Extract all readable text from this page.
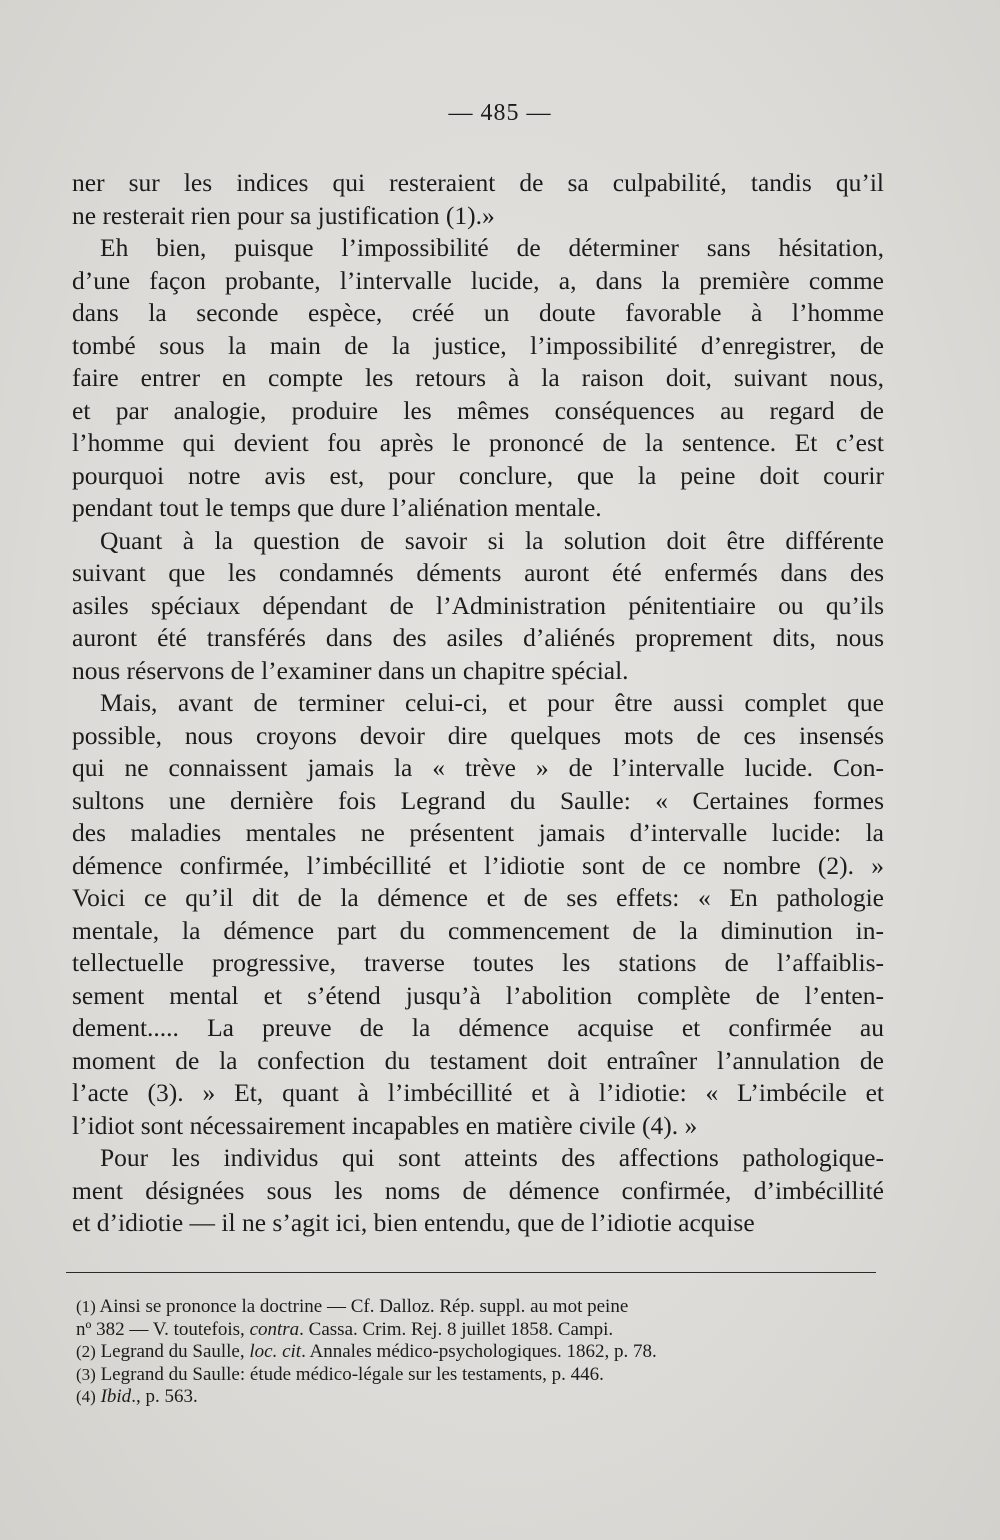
— 485 —

ner sur les indices qui resteraient de sa culpabilité, tandis qu’il
ne resterait rien pour sa justification (1).»

Eh bien, puisque l’impossibilité de déterminer sans hésitation,
d’une façon probante, l’intervalle lucide, a, dans la première comme
dans la seconde espèce, créé un doute favorable à l’homme
tombé sous la main de la justice, l’impossibilité d’enregistrer, de
faire entrer en compte les retours à la raison doit, suivant nous,
et par analogie, produire les mêmes conséquences au regard de
l’homme qui devient fou après le prononcé de la sentence. Et c’est
pourquoi notre avis est, pour conclure, que la peine doit courir
pendant tout le temps que dure l’aliénation mentale.

Quant à la question de savoir si la solution doit être différente
suivant que les condamnés déments auront été enfermés dans des
asiles spéciaux dépendant de l’Administration pénitentiaire ou qu’ils
auront été transférés dans des asiles d’aliénés proprement dits, nous
nous réservons de l’examiner dans un chapitre spécial.

Mais, avant de terminer celui-ci, et pour être aussi complet que
possible, nous croyons devoir dire quelques mots de ces insensés
qui ne connaissent jamais la « trève » de l’intervalle lucide. Con-
sultons une dernière fois Legrand du Saulle: « Certaines formes
des maladies mentales ne présentent jamais d’intervalle lucide: la
démence confirmée, l’imbécillité et l’idiotie sont de ce nombre (2). »
Voici ce qu’il dit de la démence et de ses effets: « En pathologie
mentale, la démence part du commencement de la diminution in-
tellectuelle progressive, traverse toutes les stations de l’affaiblis-
sement mental et s’étend jusqu’à l’abolition complète de l’enten-
dement..... La preuve de la démence acquise et confirmée au
moment de la confection du testament doit entraîner l’annulation de
l’acte (3). » Et, quant à l’imbécillité et à l’idiotie: « L’imbécile et
l’idiot sont nécessairement incapables en matière civile (4). »

Pour les individus qui sont atteints des affections pathologique-
ment désignées sous les noms de démence confirmée, d’imbécillité
et d’idiotie — il ne s’agit ici, bien entendu, que de l’idiotie acquise

(1) Ainsi se prononce la doctrine — Cf. Dalloz. Rép. suppl. au mot peine
nº 382 — V. toutefois, contra. Cassa. Crim. Rej. 8 juillet 1858. Campi.
(2) Legrand du Saulle, loc. cit. Annales médico-psychologiques. 1862, p. 78.
(3) Legrand du Saulle: étude médico-légale sur les testaments, p. 446.
(4) Ibid., p. 563.
